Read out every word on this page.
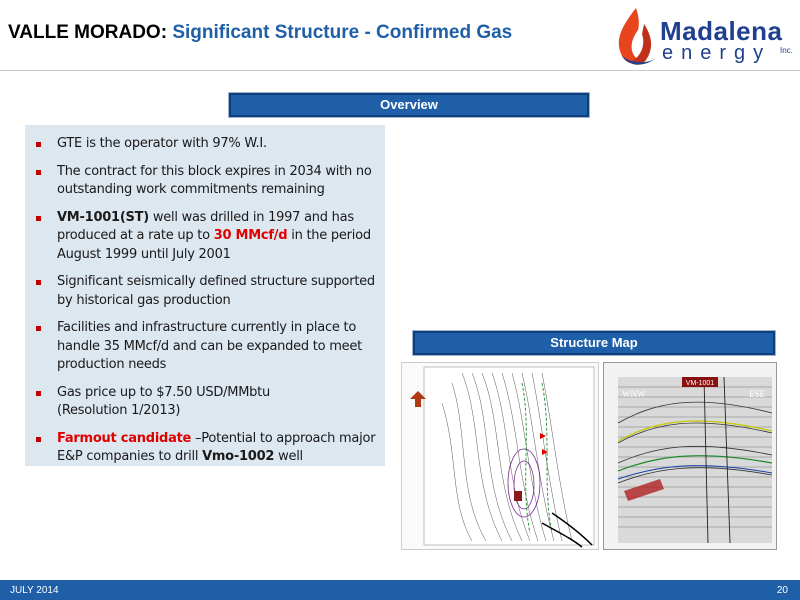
VALLE MORADO: Significant Structure - Confirmed Gas	Madalena
energy Inc.
Overview
GTE is the operator with 97% W.I.
The contract for this block expires in 2034 with no outstanding work commitments remaining
VM-1001(ST) well was drilled in 1997 and has produced at a rate up to 30 MMcf/d in the period August 1999 until July 2001
Significant seismically defined structure supported by historical gas production
Facilities and infrastructure currently in place to handle 35 MMcf/d and can be expanded to meet production needs
Gas price up to $7.50 USD/MMbtu
(Resolution 1/2013)
Farmout candidate –Potential to approach major E&P companies to drill Vmo-1002 well
Structure Map
VM-1001
WNW	ESE
JULY 2014	20
